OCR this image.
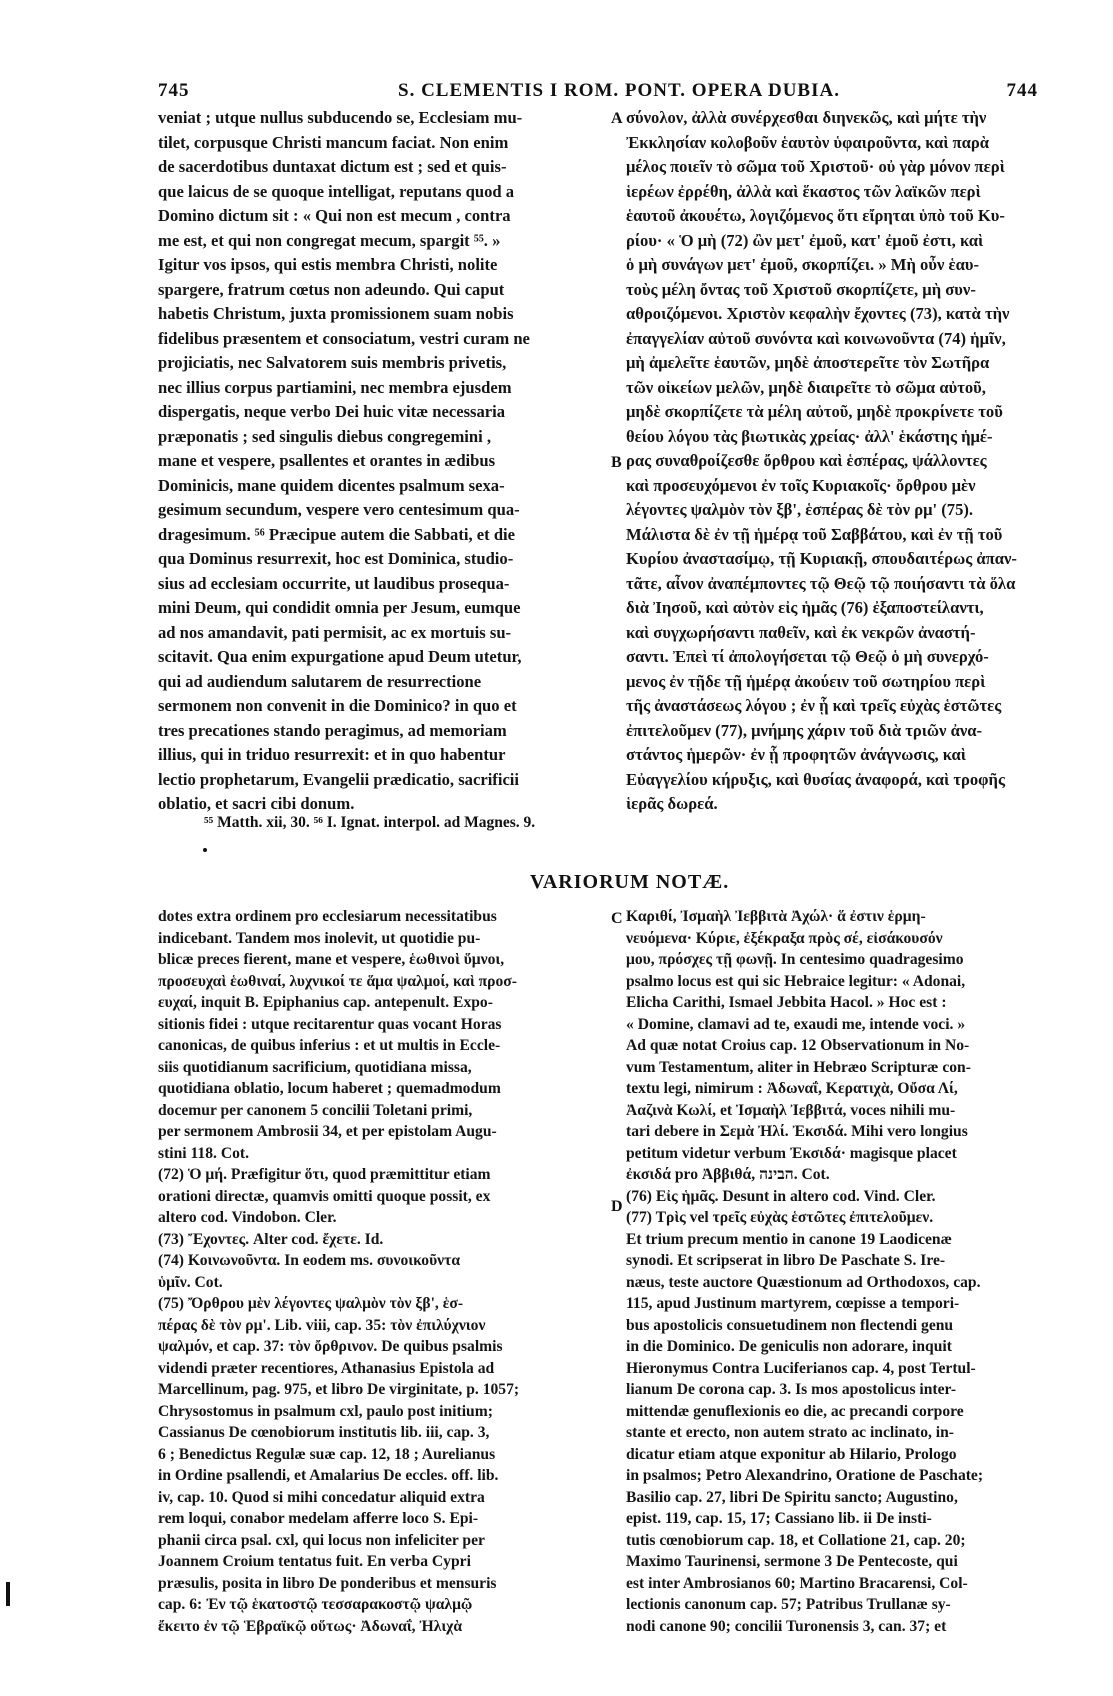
745	S. CLEMENTIS I ROM. PONT. OPERA DUBIA.	744
veniat ; utque nullus subducendo se, Ecclesiam mu-
tilet, corpusque Christi mancum faciat. Non enim
de sacerdotibus duntaxat dictum est ; sed et quis-
que laicus de se quoque intelligat, reputans quod a
Domino dictum sit : « Qui non est mecum , contra
me est, et qui non congregat mecum, spargit ⁵⁵. »
Igitur vos ipsos, qui estis membra Christi, nolite
spargere, fratrum cœtus non adeundo. Qui caput
habetis Christum, juxta promissionem suam nobis
fidelibus præsentem et consociatum, vestri curam ne
projiciatis, nec Salvatorem suis membris privetis,
nec illius corpus partiamini, nec membra ejusdem
dispergatis, neque verbo Dei huic vitæ necessaria
præponatis ; sed singulis diebus congregemini ,
mane et vespere, psallentes et orantes in ædibus
Dominicis, mane quidem dicentes psalmum sexa-
gesimum secundum, vespere vero centesimum qua-
dragesimum. ⁵⁶ Præcipue autem die Sabbati, et die
qua Dominus resurrexit, hoc est Dominica, studio-
sius ad ecclesiam occurrite, ut laudibus prosequa-
mini Deum, qui condidit omnia per Jesum, eumque
ad nos amandavit, pati permisit, ac ex mortuis su-
scitavit. Qua enim expurgatione apud Deum utetur,
qui ad audiendum salutarem de resurrectione
sermonem non convenit in die Dominico? in quo et
tres precationes stando peragimus, ad memoriam
illius, qui in triduo resurrexit: et in quo habentur
lectio prophetarum, Evangelii prædicatio, sacrificii
oblatio, et sacri cibi donum.
σύνολον, ἀλλὰ συνέρχεσθαι διηνεκῶς, καὶ μήτε τὴν
Ἐκκλησίαν κολοβοῦν ἑαυτὸν ὑφαιροῦντα, καὶ παρὰ
μέλος ποιεῖν τὸ σῶμα τοῦ Χριστοῦ· οὐ γὰρ μόνον περὶ
ἱερέων ἐρρέθη, ἀλλὰ καὶ ἕκαστος τῶν λαϊκῶν περὶ
ἑαυτοῦ ἀκουέτω, λογιζόμενος ὅτι εἴρηται ὑπὸ τοῦ Κυ-
ρίου· « Ὁ μὴ (72) ὢν μετ' ἐμοῦ, κατ' ἐμοῦ ἐστι, καὶ
ὁ μὴ συνάγων μετ' ἐμοῦ, σκορπίζει. » Μὴ οὖν ἑαυ-
τοὺς μέλη ὄντας τοῦ Χριστοῦ σκορπίζετε, μὴ συν-
αθροιζόμενοι. Χριστὸν κεφαλὴν ἔχοντες (73), κατὰ τὴν
ἐπαγγελίαν αὐτοῦ συνόντα καὶ κοινωνοῦντα (74) ἡμῖν,
μὴ ἀμελεῖτε ἑαυτῶν, μηδὲ ἀποστερεῖτε τὸν Σωτῆρα
τῶν οἰκείων μελῶν, μηδὲ διαιρεῖτε τὸ σῶμα αὐτοῦ,
μηδὲ σκορπίζετε τὰ μέλη αὐτοῦ, μηδὲ προκρίνετε τοῦ
θείου λόγου τὰς βιωτικὰς χρείας· ἀλλ' ἑκάστης ἡμέ-
ρας συναθροίζεσθε ὄρθρου καὶ ἑσπέρας, ψάλλοντες
καὶ προσευχόμενοι ἐν τοῖς Κυριακοῖς· ὄρθρου μὲν
λέγοντες ψαλμὸν τὸν ξβ', ἑσπέρας δὲ τὸν ρμ' (75).
Μάλιστα δὲ ἐν τῇ ἡμέρᾳ τοῦ Σαββάτου, καὶ ἐν τῇ τοῦ
Κυρίου ἀναστασίμῳ, τῇ Κυριακῇ, σπουδαιτέρως ἀπαν-
τᾶτε, αἶνον ἀναπέμποντες τῷ Θεῷ τῷ ποιήσαντι τὰ ὅλα
διὰ Ἰησοῦ, καὶ αὐτὸν εἰς ἡμᾶς (76) ἐξαποστείλαντι,
καὶ συγχωρήσαντι παθεῖν, καὶ ἐκ νεκρῶν ἀναστή-
σαντι. Ἐπεὶ τί ἀπολογήσεται τῷ Θεῷ ὁ μὴ συνερχό-
μενος ἐν τῇδε τῇ ἡμέρᾳ ἀκούειν τοῦ σωτηρίου περὶ
τῆς ἀναστάσεως λόγου ; ἐν ᾗ καὶ τρεῖς εὐχὰς ἑστῶτες
ἐπιτελοῦμεν (77), μνήμης χάριν τοῦ διὰ τριῶν ἀνα-
στάντος ἡμερῶν· ἐν ᾗ προφητῶν ἀνάγνωσις, καὶ
Εὐαγγελίου κήρυξις, καὶ θυσίας ἀναφορά, καὶ τροφῆς
ἱερᾶς δωρεά.
A
B
C
D
⁵⁵ Matth. xii, 30. ⁵⁶ I. Ignat. interpol. ad Magnes. 9.
VARIORUM NOTÆ.
dotes extra ordinem pro ecclesiarum necessitatibus
indicebant. Tandem mos inolevit, ut quotidie pu-
blicæ preces fierent, mane et vespere, ἑωθινοὶ ὕμνοι,
προσευχαὶ ἑωθιναί, λυχνικοί τε ἅμα ψαλμοί, καὶ προσ-
ευχαί, inquit B. Epiphanius cap. antepenult. Expo-
sitionis fidei : utque recitarentur quas vocant Horas
canonicas, de quibus inferius : et ut multis in Eccle-
siis quotidianum sacrificium, quotidiana missa,
quotidiana oblatio, locum haberet ; quemadmodum
docemur per canonem 5 concilii Toletani primi,
per sermonem Ambrosii 34, et per epistolam Augu-
stini 118. Cot.
(72) Ὁ μή. Præfigitur ὅτι, quod præmittitur etiam
orationi directæ, quamvis omitti quoque possit, ex
altero cod. Vindobon. Cler.
(73) Ἔχοντες. Alter cod. ἔχετε. Id.
(74) Κοινωνοῦντα. In eodem ms. συνοικοῦντα
ὑμῖν. Cot.
(75) Ὄρθρου μὲν λέγοντες ψαλμὸν τὸν ξβ', ἑσ-
πέρας δὲ τὸν ρμ'. Lib. viii, cap. 35: τὸν ἐπιλύχνιον
ψαλμόν, et cap. 37: τὸν ὄρθρινον. De quibus psalmis
videndi præter recentiores, Athanasius Epistola ad
Marcellinum, pag. 975, et libro De virginitate, p. 1057;
Chrysostomus in psalmum cxl, paulo post initium;
Cassianus De cœnobiorum institutis lib. iii, cap. 3,
6 ; Benedictus Regulæ suæ cap. 12, 18 ; Aurelianus
in Ordine psallendi, et Amalarius De eccles. off. lib.
iv, cap. 10. Quod si mihi concedatur aliquid extra
rem loqui, conabor medelam afferre loco S. Epi-
phanii circa psal. cxl, qui locus non infeliciter per
Joannem Croium tentatus fuit. En verba Cypri
præsulis, posita in libro De ponderibus et mensuris
cap. 6: Ἐν τῷ ἑκατοστῷ τεσσαρακοστῷ ψαλμῷ
ἔκειτο ἐν τῷ Ἑβραϊκῷ οὕτως· Ἀδωναΐ, Ἠλιχὰ
Καριθί, Ἰσμαὴλ Ἰεββιτὰ Ἀχώλ· ἅ ἐστιν ἑρμη-
νευόμενα· Κύριε, ἐξέκραξα πρὸς σέ, εἰσάκουσόν
μου, πρόσχες τῇ φωνῇ. In centesimo quadragesimo
psalmo locus est qui sic Hebraice legitur: « Adonai,
Elicha Carithi, Ismael Jebbita Hacol. » Hoc est :
« Domine, clamavi ad te, exaudi me, intende voci. »
Ad quæ notat Croius cap. 12 Observationum in No-
vum Testamentum, aliter in Hebræo Scripturæ con-
textu legi, nimirum : Ἀδωναΐ, Κερατιχὰ, Οὔσα Λί,
Ἀαζινὰ Κωλί, et Ἰσμαὴλ Ἰεββιτά, voces nihili mu-
tari debere in Σεμὰ Ἠλί. Ἐκσιδά. Mihi vero longius
petitum videtur verbum Ἐκσιδά· magisque placet
ἐκσιδά pro Ἀββιθά, הבינה. Cot.
(76) Εἰς ἡμᾶς. Desunt in altero cod. Vind. Cler.
(77) Τρὶς vel τρεῖς εὐχὰς ἑστῶτες ἐπιτελοῦμεν.
Et trium precum mentio in canone 19 Laodicenæ
synodi. Et scripserat in libro De Paschate S. Ire-
næus, teste auctore Quæstionum ad Orthodoxos, cap.
115, apud Justinum martyrem, cœpisse a tempori-
bus apostolicis consuetudinem non flectendi genu
in die Dominico. De geniculis non adorare, inquit
Hieronymus Contra Luciferianos cap. 4, post Tertul-
lianum De corona cap. 3. Is mos apostolicus inter-
mittendæ genuflexionis eo die, ac precandi corpore
stante et erecto, non autem strato ac inclinato, in-
dicatur etiam atque exponitur ab Hilario, Prologo
in psalmos; Petro Alexandrino, Oratione de Paschate;
Basilio cap. 27, libri De Spiritu sancto; Augustino,
epist. 119, cap. 15, 17; Cassiano lib. ii De insti-
tutis cœnobiorum cap. 18, et Collatione 21, cap. 20;
Maximo Taurinensi, sermone 3 De Pentecoste, qui
est inter Ambrosianos 60; Martino Bracarensi, Col-
lectionis canonum cap. 57; Patribus Trullanæ sy-
nodi canone 90; concilii Turonensis 3, can. 37; et
